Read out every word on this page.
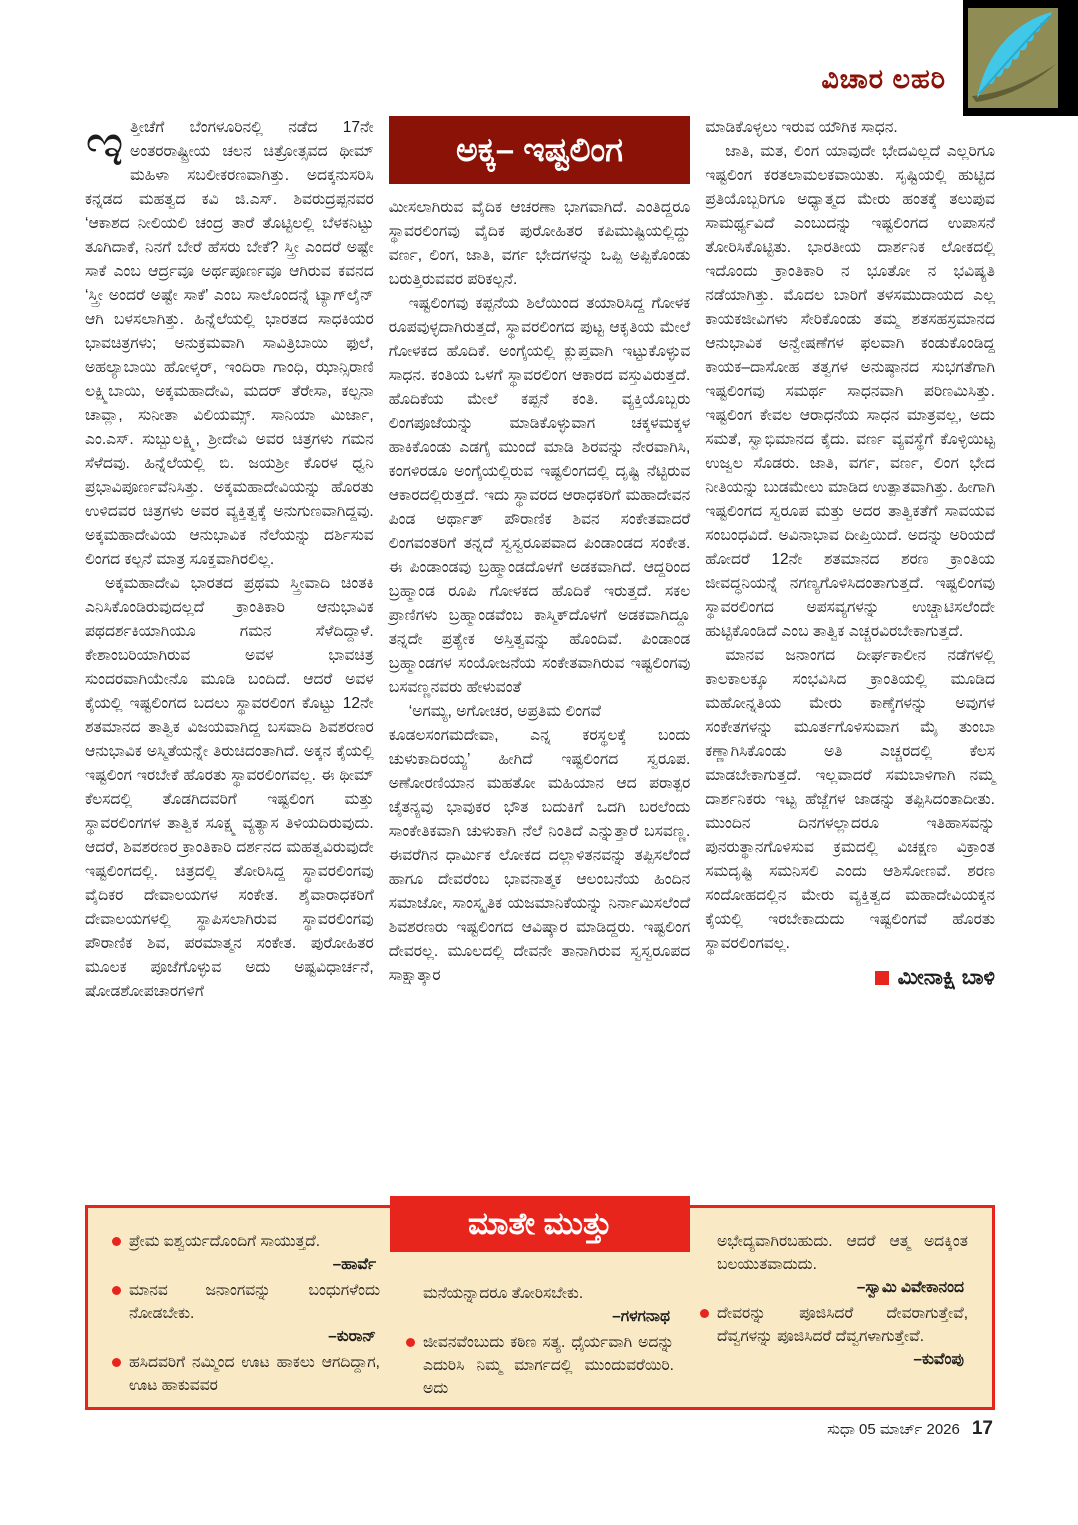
ವಿಚಾರ ಲಹರಿ

ಇತ್ತೀಚೆಗೆ ಬೆಂಗಳೂರಿನಲ್ಲಿ ನಡೆದ 17ನೇ ಅಂತರರಾಷ್ಟ್ರೀಯ ಚಲನ ಚಿತ್ರೋತ್ಸವದ ಥೀಮ್ ಮಹಿಳಾ ಸಬಲೀಕರಣವಾಗಿತ್ತು. ಅದಕ್ಕನುಸರಿಸಿ ಕನ್ನಡದ ಮಹತ್ವದ ಕವಿ ಜಿ.ಎಸ್. ಶಿವರುದ್ರಪ್ಪನವರ ‘ಆಕಾಶದ ನೀಲಿಯಲಿ ಚಂದ್ರ ತಾರೆ ತೊಟ್ಟಿಲಲ್ಲಿ ಬೆಳಕನಿಟ್ಟು ತೂಗಿದಾಕೆ, ನಿನಗೆ ಬೇರೆ ಹೆಸರು ಬೇಕೆ? ಸ್ತ್ರೀ ಎಂದರೆ ಅಷ್ಟೇ ಸಾಕೆ ಎಂಬ ಆರ್ದ್ರವೂ ಅರ್ಥಪೂರ್ಣವೂ ಆಗಿರುವ ಕವನದ ‘ಸ್ತ್ರೀ ಅಂದರೆ ಅಷ್ಟೇ ಸಾಕೆ’ ಎಂಬ ಸಾಲೊಂದನ್ನೆ ಟ್ಯಾಗ್‌ಲೈನ್ ಆಗಿ ಬಳಸಲಾಗಿತ್ತು. ಹಿನ್ನೆಲೆಯಲ್ಲಿ ಭಾರತದ ಸಾಧಕಿಯರ ಭಾವಚಿತ್ರಗಳು; ಅನುಕ್ರಮವಾಗಿ ಸಾವಿತ್ರಿಬಾಯಿ ಫುಲೆ, ಅಹಲ್ಯಾಬಾಯಿ ಹೋಳ್ಕರ್, ಇಂದಿರಾ ಗಾಂಧಿ, ಝಾನ್ಸಿರಾಣಿ ಲಕ್ಷ್ಮಿಬಾಯಿ, ಅಕ್ಕಮಹಾದೇವಿ, ಮದರ್ ತೆರೇಸಾ, ಕಲ್ಪನಾ ಚಾವ್ಲಾ, ಸುನೀತಾ ವಿಲಿಯಮ್ಸ್. ಸಾನಿಯಾ ಮಿರ್ಜಾ, ಎಂ.ಎಸ್. ಸುಬ್ಬುಲಕ್ಷ್ಮಿ, ಶ್ರೀದೇವಿ ಅವರ ಚಿತ್ರಗಳು ಗಮನ ಸೆಳೆದವು. ಹಿನ್ನೆಲೆಯಲ್ಲಿ ಬಿ. ಜಯಶ್ರೀ ಕೊರಳ ಧ್ವನಿ ಪ್ರಭಾವಿಪೂರ್ಣವೆನಿಸಿತ್ತು. ಅಕ್ಕಮಹಾದೇವಿಯನ್ನು ಹೊರತು ಉಳಿದವರ ಚಿತ್ರಗಳು ಅವರ ವ್ಯಕ್ತಿತ್ವಕ್ಕೆ ಅನುಗುಣವಾಗಿದ್ದವು. ಅಕ್ಕಮಹಾದೇವಿಯ ಆನುಭಾವಿಕ ನೆಲೆಯನ್ನು ದರ್ಶಿಸುವ ಲಿಂಗದ ಕಲ್ಪನೆ ಮಾತ್ರ ಸೂಕ್ತವಾಗಿರಲಿಲ್ಲ.

ಅಕ್ಕಮಹಾದೇವಿ ಭಾರತದ ಪ್ರಥಮ ಸ್ತ್ರೀವಾದಿ ಚಿಂತಕಿ ಎನಿಸಿಕೊಂಡಿರುವುದಲ್ಲದೆ ಕ್ರಾಂತಿಕಾರಿ ಆನುಭಾವಿಕ ಪಥದರ್ಶಕಿಯಾಗಿಯೂ ಗಮನ ಸೆಳೆದಿದ್ದಾಳೆ. ಕೇಶಾಂಬರಿಯಾಗಿರುವ ಅವಳ ಭಾವಚಿತ್ರ ಸುಂದರವಾಗಿಯೇನೊ ಮೂಡಿ ಬಂದಿದೆ. ಆದರೆ ಅವಳ ಕೈಯಲ್ಲಿ ಇಷ್ಟಲಿಂಗದ ಬದಲು ಸ್ಥಾವರಲಿಂಗ ಕೊಟ್ಟು 12ನೇ ಶತಮಾನದ ತಾತ್ವಿಕ ವಿಜಯವಾಗಿದ್ದ ಬಸವಾದಿ ಶಿವಶರಣರ ಆನುಭಾವಿಕ ಅಸ್ಮಿತೆಯನ್ನೇ ತಿರುಚಿದಂತಾಗಿದೆ. ಅಕ್ಕನ ಕೈಯಲ್ಲಿ ಇಷ್ಟಲಿಂಗ ಇರಬೇಕೆ ಹೊರತು ಸ್ಥಾವರಲಿಂಗವಲ್ಲ. ಈ ಥೀಮ್ ಕೆಲಸದಲ್ಲಿ ತೊಡಗಿದವರಿಗೆ ಇಷ್ಟಲಿಂಗ ಮತ್ತು ಸ್ಥಾವರಲಿಂಗಗಳ ತಾತ್ವಿಕ ಸೂಕ್ಷ್ಮ ವ್ಯತ್ಯಾಸ ತಿಳಿಯದಿರುವುದು. ಆದರೆ, ಶಿವಶರಣರ ಕ್ರಾಂತಿಕಾರಿ ದರ್ಶನದ ಮಹತ್ವವಿರುವುದೇ ಇಷ್ಟಲಿಂಗದಲ್ಲಿ. ಚಿತ್ರದಲ್ಲಿ ತೋರಿಸಿದ್ದ ಸ್ಥಾವರಲಿಂಗವು ವೈದಿಕರ ದೇವಾಲಯಗಳ ಸಂಕೇತ. ಶೈವಾರಾಧಕರಿಗೆ ದೇವಾಲಯಗಳಲ್ಲಿ ಸ್ಥಾಪಿಸಲಾಗಿರುವ ಸ್ಥಾವರಲಿಂಗವು ಪೌರಾಣಿಕ ಶಿವ, ಪರಮಾತ್ಮನ ಸಂಕೇತ. ಪುರೋಹಿತರ ಮೂಲಕ ಪೂಜೆಗೊಳ್ಳುವ ಅದು ಅಷ್ಟವಿಧಾರ್ಚನೆ, ಷೋಡಶೋಪಚಾರಗಳಿಗೆ

ಅಕ್ಕ– ಇಷ್ಟಲಿಂಗ

ಮೀಸಲಾಗಿರುವ ವೈದಿಕ ಆಚರಣಾ ಭಾಗವಾಗಿದೆ. ಎಂತಿದ್ದರೂ ಸ್ಥಾವರಲಿಂಗವು ವೈದಿಕ ಪುರೋಹಿತರ ಕಪಿಮುಷ್ಟಿಯಲ್ಲಿದ್ದು ವರ್ಣ, ಲಿಂಗ, ಜಾತಿ, ವರ್ಗ ಭೇದಗಳನ್ನು ಒಪ್ಪಿ ಅಪ್ಪಿಕೊಂಡು ಬರುತ್ತಿರುವವರ ಪರಿಕಲ್ಪನೆ.

ಇಷ್ಟಲಿಂಗವು ಕಪ್ಪನೆಯ ಶಿಲೆಯಿಂದ ತಯಾರಿಸಿದ್ದ ಗೋಳಕ ರೂಪವುಳ್ಳದಾಗಿರುತ್ತದೆ, ಸ್ಥಾವರಲಿಂಗದ ಪುಟ್ಟ ಆಕೃತಿಯ ಮೇಲೆ ಗೋಳಕದ ಹೊದಿಕೆ. ಅಂಗೈಯಲ್ಲಿ ಕ್ಲುಪ್ತವಾಗಿ ಇಟ್ಟುಕೊಳ್ಳುವ ಸಾಧನ. ಕಂತಿಯ ಒಳಗೆ ಸ್ಥಾವರಲಿಂಗ ಆಕಾರದ ವಸ್ತುವಿರುತ್ತದೆ. ಹೊದಿಕೆಯ ಮೇಲೆ ಕಪ್ಪನೆ ಕಂತಿ. ವ್ಯಕ್ತಿಯೊಬ್ಬರು ಲಿಂಗಪೂಜೆಯನ್ನು ಮಾಡಿಕೊಳ್ಳುವಾಗ ಚಕ್ಕಳಮಕ್ಕಳ ಹಾಕಿಕೊಂಡು ಎಡಗೈ ಮುಂದೆ ಮಾಡಿ ಶಿರವನ್ನು ನೇರವಾಗಿಸಿ, ಕಂಗಳಿರಡೂ ಅಂಗೈಯಲ್ಲಿರುವ ಇಷ್ಟಲಿಂಗದಲ್ಲಿ ದೃಷ್ಟಿ ನೆಟ್ಟಿರುವ ಆಕಾರದಲ್ಲಿರುತ್ತದೆ. ಇದು ಸ್ಥಾವರದ ಆರಾಧಕರಿಗೆ ಮಹಾದೇವನ ಪಿಂಡ ಅರ್ಥಾತ್ ಪೌರಾಣಿಕ ಶಿವನ ಸಂಕೇತವಾದರೆ ಲಿಂಗವಂತರಿಗೆ ತನ್ನದೆ ಸ್ವಸ್ವರೂಪವಾದ ಪಿಂಡಾಂಡದ ಸಂಕೇತ. ಈ ಪಿಂಡಾಂಡವು ಬ್ರಹ್ಮಾಂಡದೊಳಗೆ ಅಡಕವಾಗಿದೆ. ಆದ್ದರಿಂದ ಬ್ರಹ್ಮಾಂಡ ರೂಪಿ ಗೋಳಕದ ಹೊದಿಕೆ ಇರುತ್ತದೆ. ಸಕಲ ಪ್ರಾಣಿಗಳು ಬ್ರಹ್ಮಾಂಡವೆಂಬ ಕಾಸ್ಮಿಕ್‌ದೊಳಗೆ ಅಡಕವಾಗಿದ್ದೂ ತನ್ನದೇ ಪ್ರತ್ಯೇಕ ಅಸ್ತಿತ್ವವನ್ನು ಹೊಂದಿವೆ. ಪಿಂಡಾಂಡ ಬ್ರಹ್ಮಾಂಡಗಳ ಸಂಯೋಜನೆಯ ಸಂಕೇತವಾಗಿರುವ ಇಷ್ಟಲಿಂಗವು ಬಸವಣ್ಣನವರು ಹೇಳುವಂತೆ

‘ಅಗಮ್ಯ, ಅಗೋಚರ, ಅಪ್ರತಿಮ ಲಿಂಗವೆ

ಕೂಡಲಸಂಗಮದೇವಾ, ಎನ್ನ ಕರಸ್ಥಲಕ್ಕೆ ಬಂದು ಚುಳುಕಾದಿರಯ್ಯ’ ಹೀಗಿದೆ ಇಷ್ಟಲಿಂಗದ ಸ್ವರೂಪ. ಅಣೋರಣಿಯಾನ ಮಹತೋ ಮಹಿಯಾನ ಆದ ಪರಾತ್ಪರ ಚೈತನ್ಯವು ಭಾವುಕರ ಭೌತ ಬದುಕಿಗೆ ಒದಗಿ ಬರಲೆಂದು ಸಾಂಕೇತಿಕವಾಗಿ ಚುಳುಕಾಗಿ ನೆಲೆ ನಿಂತಿದೆ ಎನ್ನುತ್ತಾರೆ ಬಸವಣ್ಣ. ಈವರೆಗಿನ ಧಾರ್ಮಿಕ ಲೋಕದ ದಲ್ಲಾಳಿತನವನ್ನು ತಪ್ಪಿಸಲೆಂದೆ ಹಾಗೂ ದೇವರೆಂಬ ಭಾವನಾತ್ಮಕ ಆಲಂಬನೆಯ ಹಿಂದಿನ ಸಮಾಜೋ, ಸಾಂಸ್ಕೃತಿಕ ಯಜಮಾನಿಕೆಯನ್ನು ನಿರ್ನಾಮಿಸಲೆಂದೆ ಶಿವಶರಣರು ಇಷ್ಟಲಿಂಗದ ಆವಿಷ್ಕಾರ ಮಾಡಿದ್ದರು. ಇಷ್ಟಲಿಂಗ ದೇವರಲ್ಲ. ಮೂಲದಲ್ಲಿ ದೇವನೇ ತಾನಾಗಿರುವ ಸ್ವಸ್ವರೂಪದ ಸಾಕ್ಷಾತ್ಕಾರ

ಮಾಡಿಕೊಳ್ಳಲು ಇರುವ ಯೌಗಿಕ ಸಾಧನ.

ಜಾತಿ, ಮತ, ಲಿಂಗ ಯಾವುದೇ ಭೇದವಿಲ್ಲದೆ ಎಲ್ಲರಿಗೂ ಇಷ್ಟಲಿಂಗ ಕರತಲಾಮಲಕವಾಯಿತು. ಸೃಷ್ಟಿಯಲ್ಲಿ ಹುಟ್ಟಿದ ಪ್ರತಿಯೊಬ್ಬರಿಗೂ ಅಧ್ಯಾತ್ಮದ ಮೇರು ಹಂತಕ್ಕೆ ತಲುಪುವ ಸಾಮರ್ಥ್ಯವಿದೆ ಎಂಬುದನ್ನು ಇಷ್ಟಲಿಂಗದ ಉಪಾಸನೆ ತೋರಿಸಿಕೊಟ್ಟಿತು. ಭಾರತೀಯ ದಾರ್ಶನಿಕ ಲೋಕದಲ್ಲಿ ಇದೊಂದು ಕ್ರಾಂತಿಕಾರಿ ನ ಭೂತೋ ನ ಭವಿಷ್ಯತಿ ನಡೆಯಾಗಿತ್ತು. ಮೊದಲ ಬಾರಿಗೆ ತಳಸಮುದಾಯದ ಎಲ್ಲ ಕಾಯಕಜೀವಿಗಳು ಸೇರಿಕೊಂಡು ತಮ್ಮ ಶತಸಹಸ್ರಮಾನದ ಆನುಭಾವಿಕ ಅನ್ವೇಷಣೆಗಳ ಫಲವಾಗಿ ಕಂಡುಕೊಂಡಿದ್ದ ಕಾಯಕ–ದಾಸೋಹ ತತ್ವಗಳ ಅನುಷ್ಠಾನದ ಸುಭಗತೆಗಾಗಿ ಇಷ್ಟಲಿಂಗವು ಸಮರ್ಥ ಸಾಧನವಾಗಿ ಪರಿಣಮಿಸಿತ್ತು. ಇಷ್ಟಲಿಂಗ ಕೇವಲ ಆರಾಧನೆಯ ಸಾಧನ ಮಾತ್ರವಲ್ಲ, ಅದು ಸಮತೆ, ಸ್ವಾಭಿಮಾನದ ಕೈದು. ವರ್ಣ ವ್ಯವಸ್ಥೆಗೆ ಕೊಳ್ಳಿಯಿಟ್ಟ ಉಜ್ವಲ ಸೊಡರು. ಜಾತಿ, ವರ್ಗ, ವರ್ಣ, ಲಿಂಗ ಭೇದ ನೀತಿಯನ್ನು ಬುಡಮೇಲು ಮಾಡಿದ ಉತ್ಪಾತವಾಗಿತ್ತು. ಹೀಗಾಗಿ ಇಷ್ಟಲಿಂಗದ ಸ್ವರೂಪ ಮತ್ತು ಅದರ ತಾತ್ವಿಕತೆಗೆ ಸಾವಯವ ಸಂಬಂಧವಿದೆ. ಅವಿನಾಭಾವ ದೀಪ್ತಿಯಿದೆ. ಅದನ್ನು ಅರಿಯದೆ ಹೋದರೆ 12ನೇ ಶತಮಾನದ ಶರಣ ಕ್ರಾಂತಿಯ ಜೀವದ್ಧನಿಯನ್ನೆ ನಗಣ್ಯಗೊಳಿಸಿದಂತಾಗುತ್ತದೆ. ಇಷ್ಟಲಿಂಗವು ಸ್ಥಾವರಲಿಂಗದ ಅಪಸವ್ಯಗಳನ್ನು ಉಚ್ಚಾಟಿಸಲೆಂದೇ ಹುಟ್ಟಿಕೊಂಡಿದೆ ಎಂಬ ತಾತ್ವಿಕ ಎಚ್ಚರವಿರಬೇಕಾಗುತ್ತದೆ.

ಮಾನವ ಜನಾಂಗದ ದೀರ್ಘಕಾಲೀನ ನಡೆಗಳಲ್ಲಿ ಕಾಲಕಾಲಕ್ಕೂ ಸಂಭವಿಸಿದ ಕ್ರಾಂತಿಯಲ್ಲಿ ಮೂಡಿದ ಮಹೋನ್ನತಿಯ ಮೇರು ಕಾಣ್ಕೆಗಳನ್ನು ಅವುಗಳ ಸಂಕೇತಗಳನ್ನು ಮೂರ್ತಗೊಳಿಸುವಾಗ ಮೈ ತುಂಬಾ ಕಣ್ಣಾಗಿಸಿಕೊಂಡು ಅತಿ ಎಚ್ಚರದಲ್ಲಿ ಕೆಲಸ ಮಾಡಬೇಕಾಗುತ್ತದೆ. ಇಲ್ಲವಾದರೆ ಸಮಬಾಳಿಗಾಗಿ ನಮ್ಮ ದಾರ್ಶನಿಕರು ಇಟ್ಟ ಹೆಜ್ಜೆಗಳ ಜಾಡನ್ನು ತಪ್ಪಿಸಿದಂತಾದೀತು. ಮುಂದಿನ ದಿನಗಳಲ್ಲಾದರೂ ಇತಿಹಾಸವನ್ನು ಪುನರುತ್ಥಾನಗೊಳಿಸುವ ಕ್ರಮದಲ್ಲಿ ವಿಚಕ್ಷಣ ವಿಕ್ರಾಂತ ಸಮದೃಷ್ಟಿ ಸಮನಿಸಲಿ ಎಂದು ಆಶಿಸೋಣವೆ. ಶರಣ ಸಂದೋಹದಲ್ಲಿನ ಮೇರು ವ್ಯಕ್ತಿತ್ವದ ಮಹಾದೇವಿಯಕ್ಕನ ಕೈಯಲ್ಲಿ ಇರಬೇಕಾದುದು ಇಷ್ಟಲಿಂಗವೆ ಹೊರತು ಸ್ಥಾವರಲಿಂಗವಲ್ಲ.

ಮೀನಾಕ್ಷಿ ಬಾಳಿ
ಮಾತೇ ಮುತ್ತು

ಪ್ರೇಮ ಐಶ್ವರ್ಯದೊಂದಿಗೆ ಸಾಯುತ್ತದೆ.
–ಹಾರ್ವೆ

ಮಾನವ ಜನಾಂಗವನ್ನು ಬಂಧುಗಳೆಂದು ನೋಡಬೇಕು.
–ಕುರಾನ್

ಹಸಿದವರಿಗೆ ನಮ್ಮಿಂದ ಊಟ ಹಾಕಲು ಆಗದಿದ್ದಾಗ, ಊಟ ಹಾಕುವವರ

ಮನೆಯನ್ನಾದರೂ ತೋರಿಸಬೇಕು.
–ಗಳಗನಾಥ

ಜೀವನವೆಂಬುದು ಕಠಿಣ ಸತ್ಯ. ಧೈರ್ಯವಾಗಿ ಅದನ್ನು ಎದುರಿಸಿ ನಿಮ್ಮ ಮಾರ್ಗದಲ್ಲಿ ಮುಂದುವರೆಯಿರಿ. ಅದು

ಅಭೇದ್ಯವಾಗಿರಬಹುದು. ಆದರೆ ಆತ್ಮ ಅದಕ್ಕಿಂತ ಬಲಯುತವಾದುದು.
–ಸ್ವಾಮಿ ವಿವೇಕಾನಂದ

ದೇವರನ್ನು ಪೂಜಿಸಿದರೆ ದೇವರಾಗುತ್ತೇವೆ, ದೆವ್ವಗಳನ್ನು ಪೂಜಿಸಿದರೆ ದೆವ್ವಗಳಾಗುತ್ತೇವೆ.
–ಕುವೆಂಪು

ಸುಧಾ 05 ಮಾರ್ಚ್ 2026 17
